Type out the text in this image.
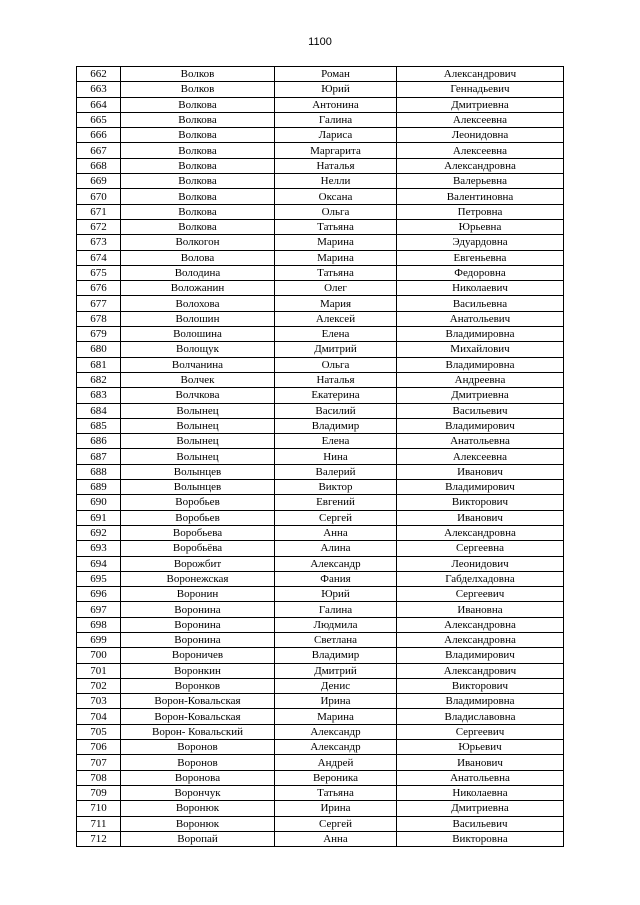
1100
662	Волков	Роман	Александрович
663	Волков	Юрий	Геннадьевич
664	Волкова	Антонина	Дмитриевна
665	Волкова	Галина	Алексеевна
666	Волкова	Лариса	Леонидовна
667	Волкова	Маргарита	Алексеевна
668	Волкова	Наталья	Александровна
669	Волкова	Нелли	Валерьевна
670	Волкова	Оксана	Валентиновна
671	Волкова	Ольга	Петровна
672	Волкова	Татьяна	Юрьевна
673	Волкогон	Марина	Эдуардовна
674	Волова	Марина	Евгеньевна
675	Володина	Татьяна	Федоровна
676	Воложанин	Олег	Николаевич
677	Волохова	Мария	Васильевна
678	Волошин	Алексей	Анатольевич
679	Волошина	Елена	Владимировна
680	Волощук	Дмитрий	Михайлович
681	Волчанина	Ольга	Владимировна
682	Волчек	Наталья	Андреевна
683	Волчкова	Екатерина	Дмитриевна
684	Волынец	Василий	Васильевич
685	Волынец	Владимир	Владимирович
686	Волынец	Елена	Анатольевна
687	Волынец	Нина	Алексеевна
688	Волынцев	Валерий	Иванович
689	Волынцев	Виктор	Владимирович
690	Воробьев	Евгений	Викторович
691	Воробьев	Сергей	Иванович
692	Воробьева	Анна	Александровна
693	Воробьёва	Алина	Сергеевна
694	Ворожбит	Александр	Леонидович
695	Воронежская	Фания	Габделхадовна
696	Воронин	Юрий	Сергеевич
697	Воронина	Галина	Ивановна
698	Воронина	Людмила	Александровна
699	Воронина	Светлана	Александровна
700	Вороничев	Владимир	Владимирович
701	Воронкин	Дмитрий	Александрович
702	Воронков	Денис	Викторович
703	Ворон-Ковальская	Ирина	Владимировна
704	Ворон-Ковальская	Марина	Владиславовна
705	Ворон- Ковальский	Александр	Сергеевич
706	Воронов	Александр	Юрьевич
707	Воронов	Андрей	Иванович
708	Воронова	Вероника	Анатольевна
709	Ворончук	Татьяна	Николаевна
710	Воронюк	Ирина	Дмитриевна
711	Воронюк	Сергей	Васильевич
712	Воропай	Анна	Викторовна
